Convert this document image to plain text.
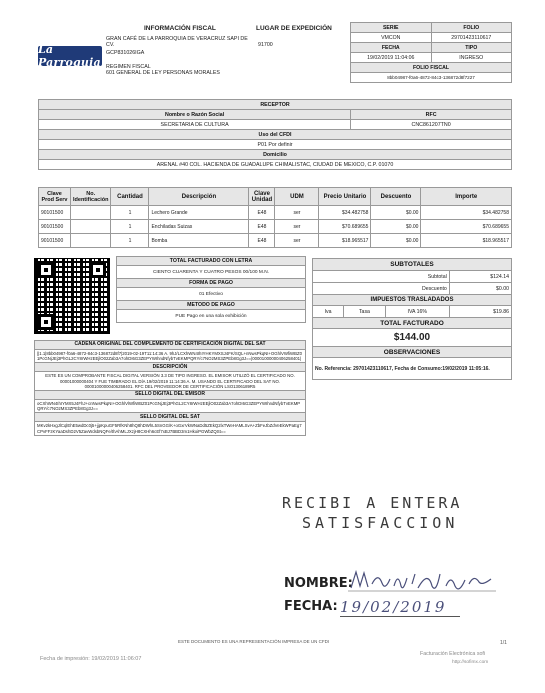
La Parroquia
INFORMACIÓN FISCAL
GRAN CAFÉ DE LA PARROQUIA DE VERACRUZ SAPI DE CV.
GCP831026IGA
REGIMEN FISCAL
601 GENERAL DE LEY PERSONAS MORALES
LUGAR DE EXPEDICIÓN
91700
SERIE	FOLIO
VMCON	29701423110617
FECHA	TIPO
19/02/2019 11:04:06	INGRESO
FOLIO FISCAL	
8bb04987-f0a6-4872-84c3-136872d8f7227	
RECEPTOR	
Nombre o Razón Social	RFC
SECRETARIA DE CULTURA	CNC861207TN0
Uso del CFDI	
P01 Por definir	
Domicilio	
ARENAL #40 COL. HACIENDA DE GUADALUPE CHIMALISTAC, CIUDAD DE MEXICO, C.P. 01070	
Clave Prod Serv	No. Identificación	Cantidad	Descripción	Clave Unidad	UDM	Precio Unitario	Descuento	Importe
90101500		1	Lechero Grande	E48	ser	$34.482758	$0.00	$34.482758
90101500		1	Enchiladas Suizas	E48	ser	$70.689655	$0.00	$70.689655
90101500		1	Bomba	E48	ser	$18.965517	$0.00	$18.965517
TOTAL FACTURADO CON LETRA
CIENTO CUARENTA Y CUATRO PESOS 00/100 M.N.
FORMA DE PAGO
01 Efectivo
METODO DE PAGO
PUE Pago en una sola exhibición
SUBTOTALES			
Subtotal			$124.14
Descuento			$0.00
IMPUESTOS TRASLADADOS			
Iva	Tasa	IVA 16%	$19.86
TOTAL FACTURADO			
$144.00			
OBSERVACIONES			
No. Referencia: 29701423110617, Fecha de Consumo:19/02/2019 11:05:16.			
CADENA ORIGINAL DEL COMPLEMENTO DE CERTIFICACIÓN DIGITAL DEL SAT
||1.1|8bb04987-f0a6-4872-84c3-136872d8f7|2019-02-19T11:14:36 A. 9hJ/LCXhWN4IhIYHKYMXSJ4FK/SQL+nNwsPkqNI+OGhlVWfiWBZ01PcGNjJEj3PhGL2CY8rWHzEEjlO02Zab3A7ohDI6G3ZEPYWIhndNfybTvEKMPQRY/c7NO2MS3ZPEb8Gg3J==|00001000000406258401|
DESCRIPCIÓN
ESTE ES UN COMPROBANTE FISCAL DIGITAL VERSIÓN 3.3 DE TIPO INGRESO. EL EMISOR UTILIZÓ EL CERTIFICADO NO. 00001000000404 Y FUE TIMBRADO EL DÍA 19/02/2019 11:14:36 A. M. USANDO EL CERTIFICADO DEL SAT NO. 00001000000406258401. RFC DEL PROVEEDOR DE CERTIFICACIÓN LSO1306189R5
SELLO DIGITAL DEL EMISOR
oCXhWN4IhIYMX5J4FhJ+cnNwsPkqNI+OGhlVlWfiWBZ01PcGNjJEj3PhGL2CY8rWHzEEjlO02Zab3A7ohDI6G3ZEPYWIhndNfybTvEKMPQRY/c7NO2MS3ZPEb8Gg3J==
SELLO DIGITAL DEL SAT
MKv2kHxgJlCqlEhE5wdDc0j5+jjpKpuGF5RfKNh8hQ8hDWhL5SnGG/K+oGxrVkWNaDd5ZEkQ2lxTWeHAMLSvA+ZbFeJbZdVeEkWPaEg7CPvFFzKYaaDshD2V5ZavWdsbNQFe/thAhMLJXzjH8CXHh6cEf7xBJ7BBD3m1HkoiPGWbZQSt==
RECIBI A ENTERA
SATISFACCION
NOMBRE:
FECHA: 19/02/2019
ESTE DOCUMENTO ES UNA REPRESENTACIÓN IMPRESA DE UN CFDI	1/1
Fecha de impresión: 19/02/2019 11:06:07
Facturación Electrónica sofi
http://sofimx.com
